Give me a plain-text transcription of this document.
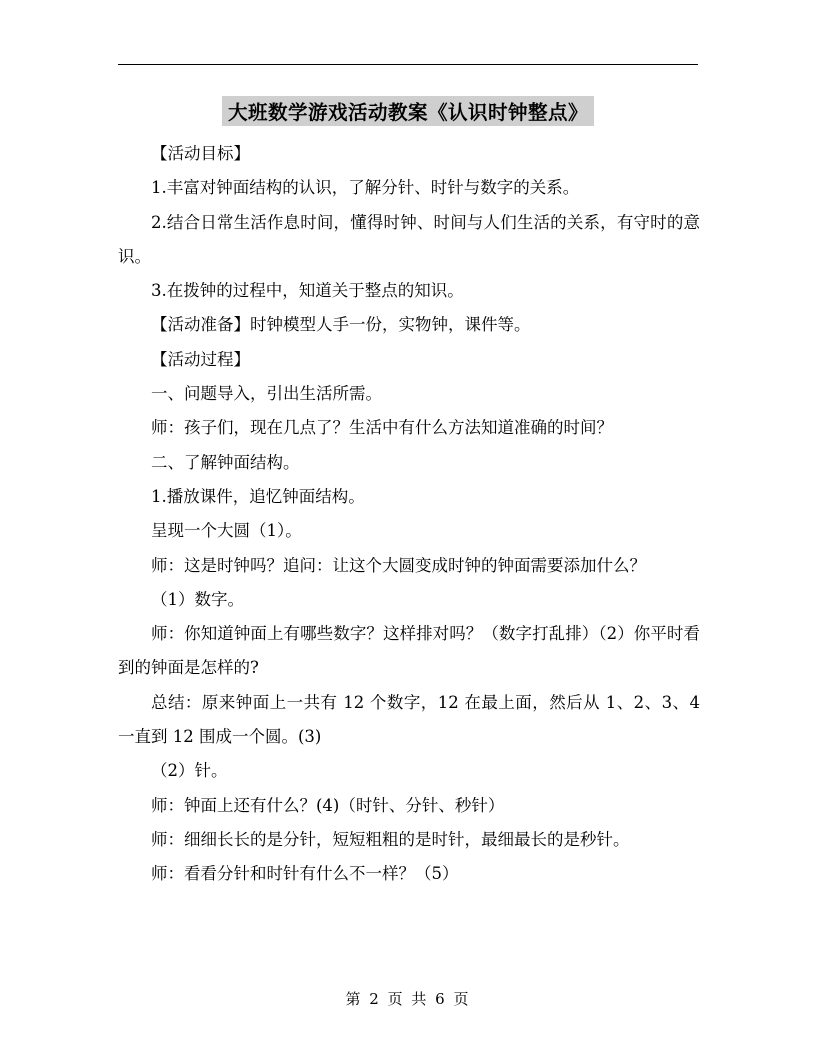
大班数学游戏活动教案《认识时钟整点》

【活动目标】

1.丰富对钟面结构的认识，了解分针、时针与数字的关系。

2.结合日常生活作息时间，懂得时钟、时间与人们生活的关系，有守时的意识。

3.在拨钟的过程中，知道关于整点的知识。

【活动准备】时钟模型人手一份，实物钟，课件等。

【活动过程】

一、问题导入，引出生活所需。

师：孩子们，现在几点了？生活中有什么方法知道准确的时间？

二、了解钟面结构。

1.播放课件，追忆钟面结构。

呈现一个大圆（1）。

师：这是时钟吗？追问：让这个大圆变成时钟的钟面需要添加什么？

（1）数字。

师：你知道钟面上有哪些数字？这样排对吗？（数字打乱排）（2）你平时看到的钟面是怎样的?

总结：原来钟面上一共有 12 个数字，12 在最上面，然后从 1、2、3、4 一直到 12 围成一个圆。(3)

（2）针。

师：钟面上还有什么？(4)（时针、分针、秒针）

师：细细长长的是分针，短短粗粗的是时针，最细最长的是秒针。

师：看看分针和时针有什么不一样？（5）

第 2 页 共 6 页
